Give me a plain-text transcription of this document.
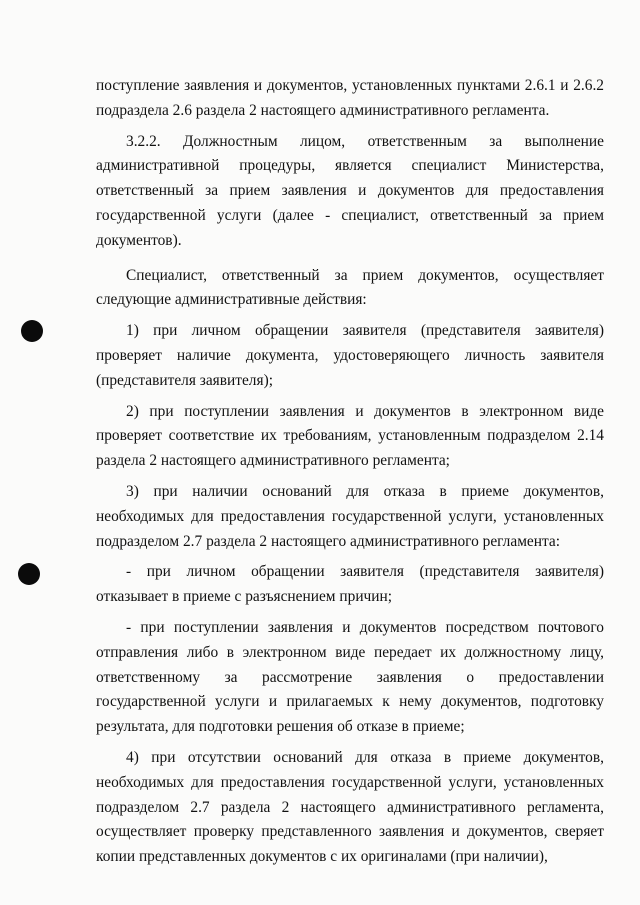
поступление заявления и документов, установленных пунктами 2.6.1 и 2.6.2 подраздела 2.6 раздела 2 настоящего административного регламента.

3.2.2. Должностным лицом, ответственным за выполнение административной процедуры, является специалист Министерства, ответственный за прием заявления и документов для предоставления государственной услуги (далее - специалист, ответственный за прием документов).

Специалист, ответственный за прием документов, осуществляет следующие административные действия:

1) при личном обращении заявителя (представителя заявителя) проверяет наличие документа, удостоверяющего личность заявителя (представителя заявителя);

2) при поступлении заявления и документов в электронном виде проверяет соответствие их требованиям, установленным подразделом 2.14 раздела 2 настоящего административного регламента;

3) при наличии оснований для отказа в приеме документов, необходимых для предоставления государственной услуги, установленных подразделом 2.7 раздела 2 настоящего административного регламента:

- при личном обращении заявителя (представителя заявителя) отказывает в приеме с разъяснением причин;

- при поступлении заявления и документов посредством почтового отправления либо в электронном виде передает их должностному лицу, ответственному за рассмотрение заявления о предоставлении государственной услуги и прилагаемых к нему документов, подготовку результата, для подготовки решения об отказе в приеме;

4) при отсутствии оснований для отказа в приеме документов, необходимых для предоставления государственной услуги, установленных подразделом 2.7 раздела 2 настоящего административного регламента, осуществляет проверку представленного заявления и документов, сверяет копии представленных документов с их оригиналами (при наличии),
